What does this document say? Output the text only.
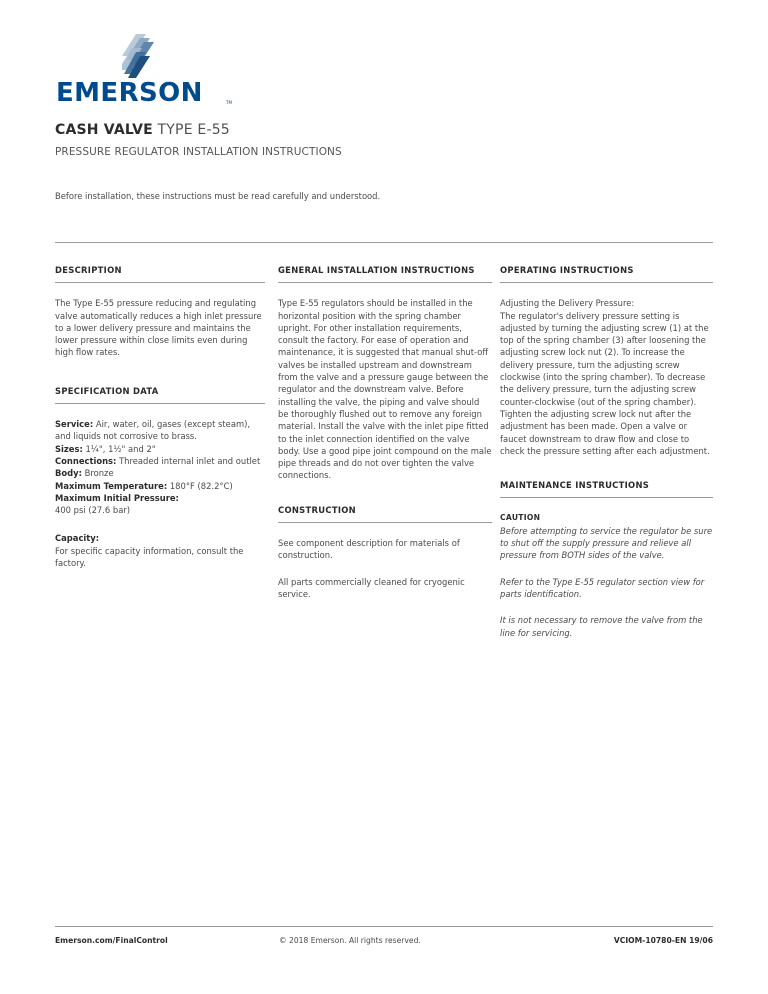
EMERSON	TM
CASH VALVE TYPE E-55
PRESSURE REGULATOR INSTALLATION INSTRUCTIONS
Before installation, these instructions must be read carefully and understood.
DESCRIPTION

The Type E-55 pressure reducing and regulating valve automatically reduces a high inlet pressure to a lower delivery pressure and maintains the lower pressure within close limits even during high flow rates.

SPECIFICATION DATA

Service: Air, water, oil, gases (except steam), and liquids not corrosive to brass.

Sizes: 1¼", 1½" and 2"

Connections: Threaded internal inlet and outlet

Body: Bronze

Maximum Temperature: 180°F (82.2°C)

Maximum Initial Pressure:

400 psi (27.6 bar)

Capacity:

For specific capacity information, consult the factory.

GENERAL INSTALLATION INSTRUCTIONS

Type E-55 regulators should be installed in the horizontal position with the spring chamber upright. For other installation requirements, consult the factory. For ease of operation and maintenance, it is suggested that manual shut-off valves be installed upstream and downstream from the valve and a pressure gauge between the regulator and the downstream valve. Before installing the valve, the piping and valve should be thoroughly flushed out to remove any foreign material. Install the valve with the inlet pipe fitted to the inlet connection identified on the valve body. Use a good pipe joint compound on the male pipe threads and do not over tighten the valve connections.

CONSTRUCTION

See component description for materials of construction.

All parts commercially cleaned for cryogenic service.

OPERATING INSTRUCTIONS

Adjusting the Delivery Pressure:

The regulator's delivery pressure setting is adjusted by turning the adjusting screw (1) at the top of the spring chamber (3) after loosening the adjusting screw lock nut (2). To increase the delivery pressure, turn the adjusting screw clockwise (into the spring chamber). To decrease the delivery pressure, turn the adjusting screw counter-clockwise (out of the spring chamber). Tighten the adjusting screw lock nut after the adjustment has been made. Open a valve or faucet downstream to draw flow and close to check the pressure setting after each adjustment.

MAINTENANCE INSTRUCTIONS
CAUTION

Before attempting to service the regulator be sure to shut off the supply pressure and relieve all pressure from BOTH sides of the valve.

Refer to the Type E-55 regulator section view for parts identification.

It is not necessary to remove the valve from the line for servicing.

Emerson.com/FinalControl	© 2018 Emerson. All rights reserved.	VCIOM-10780-EN 19/06
